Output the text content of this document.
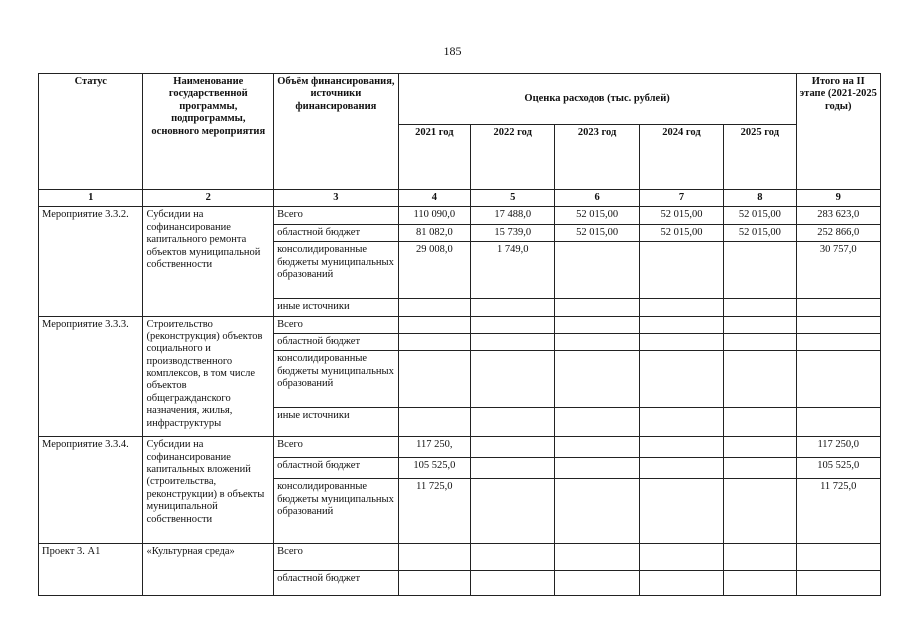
185
Статус	Наименование государственной программы, подпрограммы, основного мероприятия	Объём финансирования, источники финансирования	Оценка расходов (тыс. рублей)					Итого на II этапе (2021-2025 годы)
			2021 год	2022 год	2023 год	2024 год	2025 год	
1	2	3	4	5	6	7	8	9
Мероприятие 3.3.2.	Субсидии на софинансирование капитального ремонта объектов муниципальной собственности	Всего	110 090,0	17 488,0	52 015,00	52 015,00	52 015,00	283 623,0
		областной бюджет	81 082,0	15 739,0	52 015,00	52 015,00	52 015,00	252 866,0
		консолидированные бюджеты муниципальных образований	29 008,0	1 749,0				30 757,0
		иные источники						
Мероприятие 3.3.3.	Строительство (реконструкция) объектов социального и производственного комплексов, в том числе объектов общегражданского назначения, жилья, инфраструктуры	Всего						
		областной бюджет						
		консолидированные бюджеты муниципальных образований						
		иные источники						
Мероприятие 3.3.4.	Субсидии на софинансирование капитальных вложений (строительства, реконструкции) в объекты муниципальной собственности	Всего	117 250,					117 250,0
		областной бюджет	105 525,0					105 525,0
		консолидированные бюджеты муниципальных образований	11 725,0					11 725,0
Проект 3. А1	«Культурная среда»	Всего						
		областной бюджет						
